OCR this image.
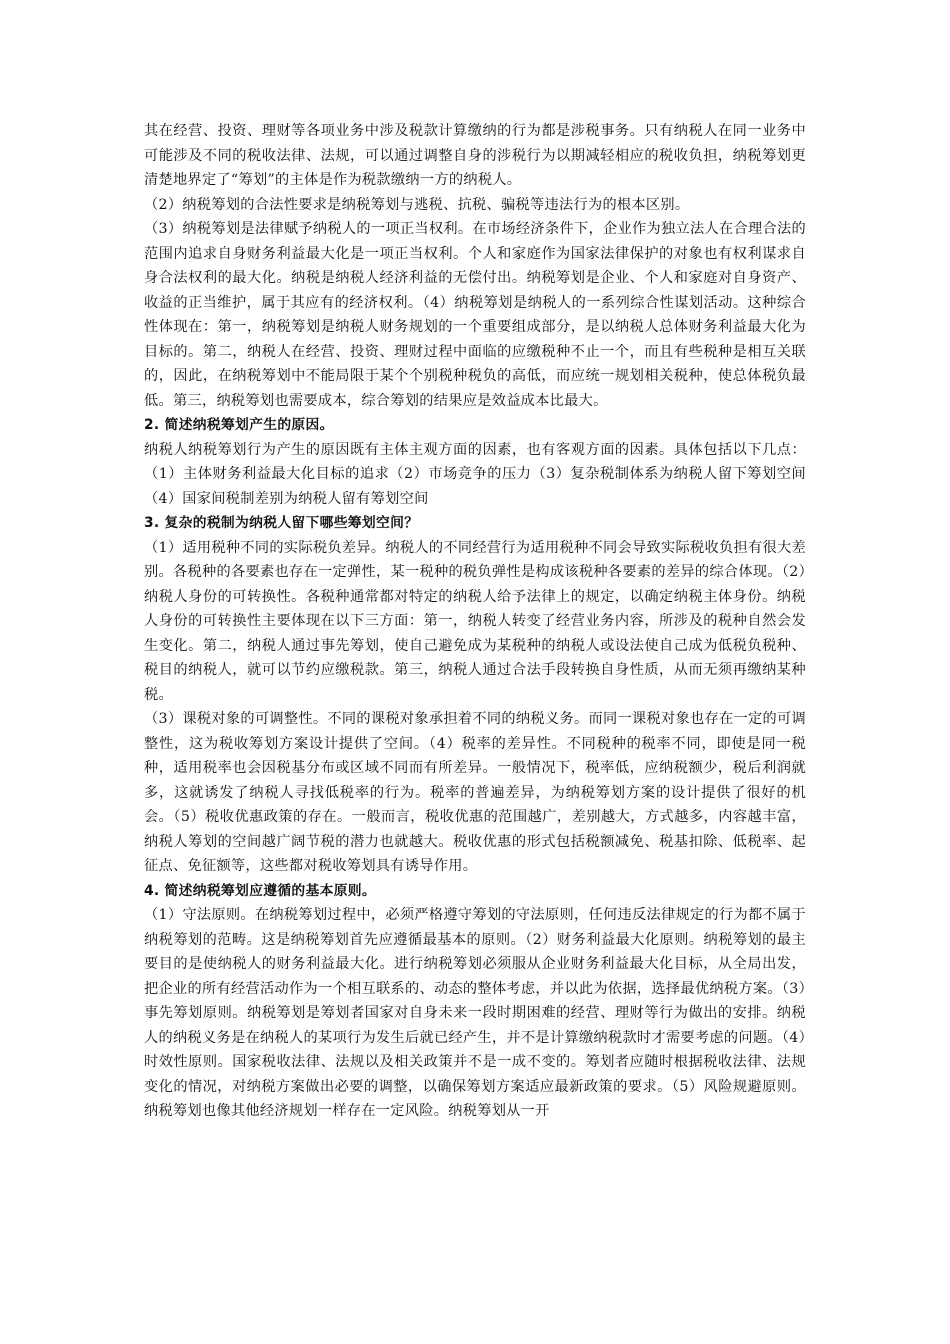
其在经营、投资、理财等各项业务中涉及税款计算缴纳的行为都是涉税事务。只有纳税人在同一业务中可能涉及不同的税收法律、法规，可以通过调整自身的涉税行为以期减轻相应的税收负担，纳税筹划更清楚地界定了“筹划”的主体是作为税款缴纳一方的纳税人。

（2）纳税筹划的合法性要求是纳税筹划与逃税、抗税、骗税等违法行为的根本区别。

（3）纳税筹划是法律赋予纳税人的一项正当权利。在市场经济条件下，企业作为独立法人在合理合法的范围内追求自身财务利益最大化是一项正当权利。个人和家庭作为国家法律保护的对象也有权利谋求自身合法权利的最大化。纳税是纳税人经济利益的无偿付出。纳税筹划是企业、个人和家庭对自身资产、收益的正当维护，属于其应有的经济权利。（4）纳税筹划是纳税人的一系列综合性谋划活动。这种综合性体现在：第一，纳税筹划是纳税人财务规划的一个重要组成部分，是以纳税人总体财务利益最大化为目标的。第二，纳税人在经营、投资、理财过程中面临的应缴税种不止一个，而且有些税种是相互关联的，因此，在纳税筹划中不能局限于某个个别税种税负的高低，而应统一规划相关税种，使总体税负最低。第三，纳税筹划也需要成本，综合筹划的结果应是效益成本比最大。

2. 简述纳税筹划产生的原因。

纳税人纳税筹划行为产生的原因既有主体主观方面的因素，也有客观方面的因素。具体包括以下几点：（1）主体财务利益最大化目标的追求（2）市场竞争的压力（3）复杂税制体系为纳税人留下筹划空间（4）国家间税制差别为纳税人留有筹划空间

3. 复杂的税制为纳税人留下哪些筹划空间？

（1）适用税种不同的实际税负差异。纳税人的不同经营行为适用税种不同会导致实际税收负担有很大差别。各税种的各要素也存在一定弹性，某一税种的税负弹性是构成该税种各要素的差异的综合体现。（2）纳税人身份的可转换性。各税种通常都对特定的纳税人给予法律上的规定，以确定纳税主体身份。纳税人身份的可转换性主要体现在以下三方面：第一，纳税人转变了经营业务内容，所涉及的税种自然会发生变化。第二，纳税人通过事先筹划，使自己避免成为某税种的纳税人或设法使自己成为低税负税种、税目的纳税人，就可以节约应缴税款。第三，纳税人通过合法手段转换自身性质，从而无须再缴纳某种税。

（3）课税对象的可调整性。不同的课税对象承担着不同的纳税义务。而同一课税对象也存在一定的可调整性，这为税收筹划方案设计提供了空间。（4）税率的差异性。不同税种的税率不同，即使是同一税种，适用税率也会因税基分布或区域不同而有所差异。一般情况下，税率低，应纳税额少，税后利润就多，这就诱发了纳税人寻找低税率的行为。税率的普遍差异，为纳税筹划方案的设计提供了很好的机会。（5）税收优惠政策的存在。一般而言，税收优惠的范围越广，差别越大，方式越多，内容越丰富，纳税人筹划的空间越广阔节税的潜力也就越大。税收优惠的形式包括税额减免、税基扣除、低税率、起征点、免征额等，这些都对税收筹划具有诱导作用。

4. 简述纳税筹划应遵循的基本原则。

（1）守法原则。在纳税筹划过程中，必须严格遵守筹划的守法原则，任何违反法律规定的行为都不属于纳税筹划的范畴。这是纳税筹划首先应遵循最基本的原则。（2）财务利益最大化原则。纳税筹划的最主要目的是使纳税人的财务利益最大化。进行纳税筹划必须服从企业财务利益最大化目标，从全局出发，把企业的所有经营活动作为一个相互联系的、动态的整体考虑，并以此为依据，选择最优纳税方案。（3）事先筹划原则。纳税筹划是筹划者国家对自身未来一段时期困难的经营、理财等行为做出的安排。纳税人的纳税义务是在纳税人的某项行为发生后就已经产生，并不是计算缴纳税款时才需要考虑的问题。（4）时效性原则。国家税收法律、法规以及相关政策并不是一成不变的。筹划者应随时根据税收法律、法规变化的情况，对纳税方案做出必要的调整，以确保筹划方案适应最新政策的要求。（5）风险规避原则。纳税筹划也像其他经济规划一样存在一定风险。纳税筹划从一开
